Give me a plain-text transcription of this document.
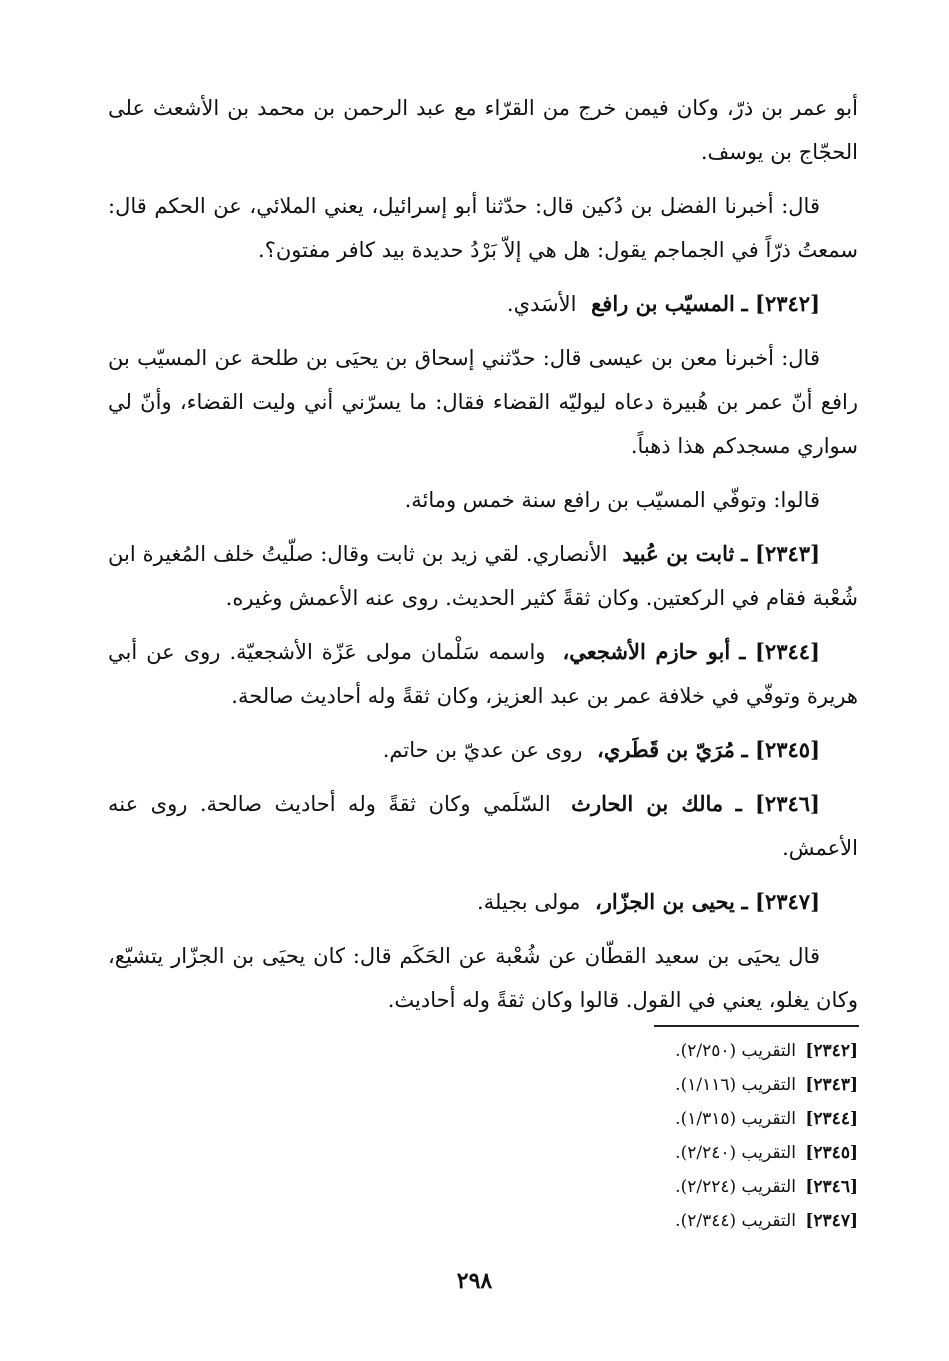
أبو عمر بن ذرّ، وكان فيمن خرج من القرّاء مع عبد الرحمن بن محمد بن الأشعث على الحجّاج بن يوسف.

قال: أخبرنا الفضل بن دُكين قال: حدّثنا أبو إسرائيل، يعني الملائي، عن الحكم قال: سمعتُ ذرّاً في الجماجم يقول: هل هي إلاّ بَرْدُ حديدة بيد كافر مفتون؟.

[٢٣٤٢] ـ المسيّب بن رافع الأسَدي.

قال: أخبرنا معن بن عيسى قال: حدّثني إسحاق بن يحيَى بن طلحة عن المسيّب بن رافع أنّ عمر بن هُبيرة دعاه ليوليّه القضاء فقال: ما يسرّني أني وليت القضاء، وأنّ لي سواري مسجدكم هذا ذهباً.

قالوا: وتوفّي المسيّب بن رافع سنة خمس ومائة.

[٢٣٤٣] ـ ثابت بن عُبيد الأنصاري. لقي زيد بن ثابت وقال: صلّيتُ خلف المُغيرة ابن شُعْبة فقام في الركعتين. وكان ثقةً كثير الحديث. روى عنه الأعمش وغيره.

[٢٣٤٤] ـ أبو حازم الأشجعي، واسمه سَلْمان مولى عَزّة الأشجعيّة. روى عن أبي هريرة وتوفّي في خلافة عمر بن عبد العزيز، وكان ثقةً وله أحاديث صالحة.

[٢٣٤٥] ـ مُرَيّ بن قَطَري، روى عن عديّ بن حاتم.

[٢٣٤٦] ـ مالك بن الحارث السّلَمي وكان ثقةً وله أحاديث صالحة. روى عنه الأعمش.

[٢٣٤٧] ـ يحيى بن الجزّار، مولى بجيلة.

قال يحيَى بن سعيد القطّان عن شُعْبة عن الحَكَم قال: كان يحيَى بن الجزّار يتشيّع، وكان يغلو، يعني في القول. قالوا وكان ثقةً وله أحاديث.

[٢٣٤٢] التقريب (٢/٢٥٠).
[٢٣٤٣] التقريب (١/١١٦).
[٢٣٤٤] التقريب (١/٣١٥).
[٢٣٤٥] التقريب (٢/٢٤٠).
[٢٣٤٦] التقريب (٢/٢٢٤).
[٢٣٤٧] التقريب (٢/٣٤٤).
٢٩٨
